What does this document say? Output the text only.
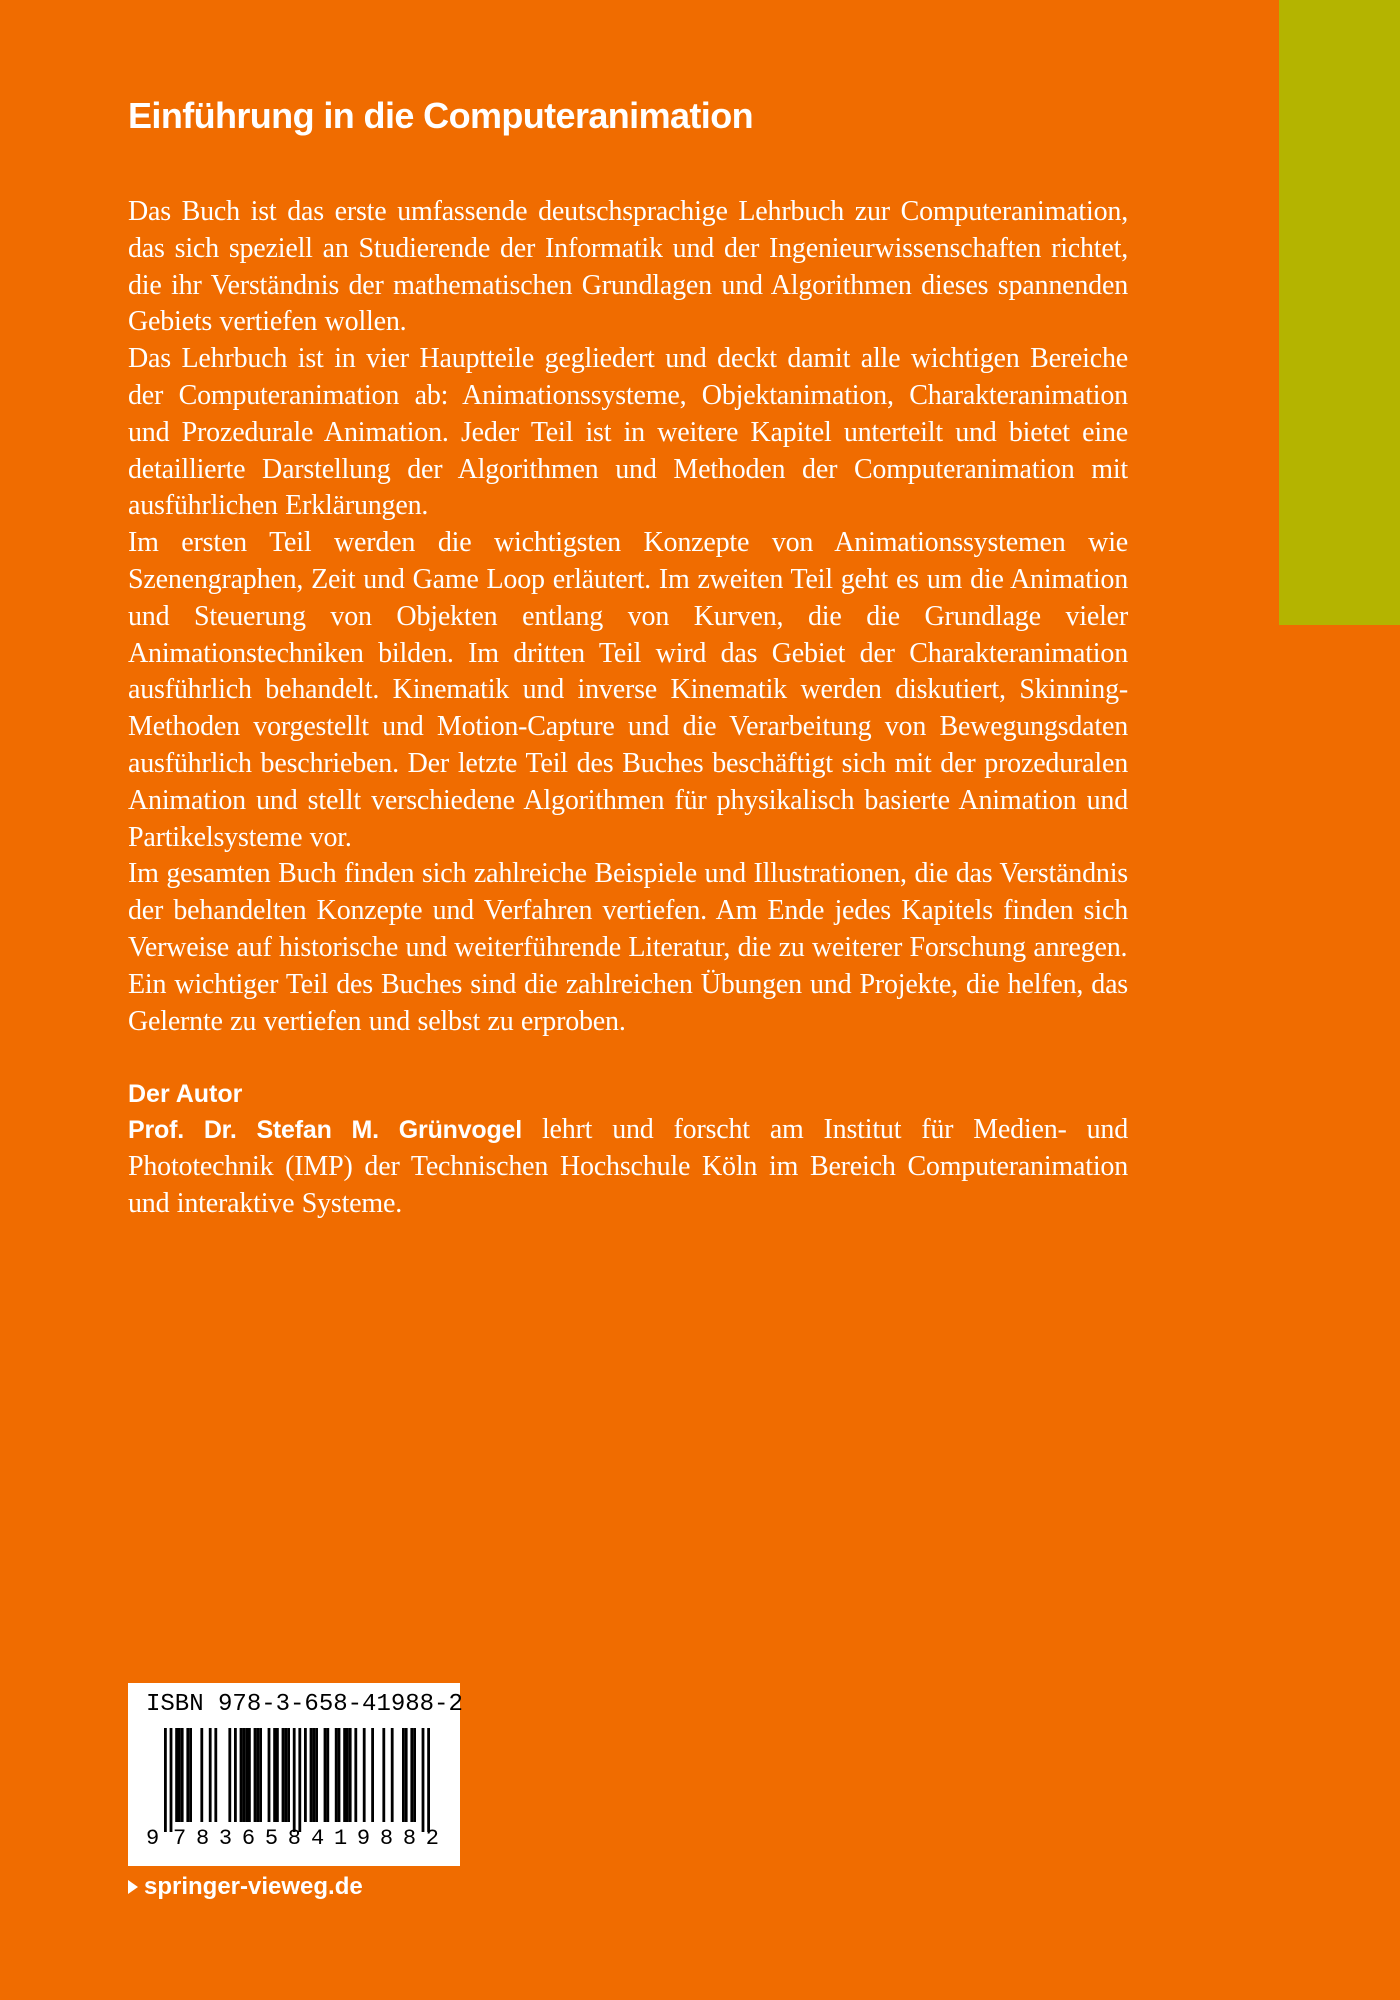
Einführung in die Computeranimation

Das Buch ist das erste umfassende deutschsprachige Lehrbuch zur Computeranimation, das sich speziell an Studierende der Informatik und der Ingenieurwissenschaften richtet, die ihr Verständnis der mathematischen Grundlagen und Algorithmen dieses spannenden Gebiets vertiefen wollen.

Das Lehrbuch ist in vier Hauptteile gegliedert und deckt damit alle wichtigen Bereiche der Computeranimation ab: Animationssysteme, Objektanimation, Charakteranimation und Prozedurale Animation. Jeder Teil ist in weitere Kapitel unterteilt und bietet eine detaillierte Darstellung der Algorithmen und Methoden der Computeranimation mit ausführlichen Erklärungen.

Im ersten Teil werden die wichtigsten Konzepte von Animationssystemen wie Szenengraphen, Zeit und Game Loop erläutert. Im zweiten Teil geht es um die Animation und Steuerung von Objekten entlang von Kurven, die die Grundlage vieler Animationstechniken bilden. Im dritten Teil wird das Gebiet der Charakteranimation ausführlich behandelt. Kinematik und inverse Kinematik werden diskutiert, Skinning-Methoden vorgestellt und Motion-Capture und die Verarbeitung von Bewegungsdaten ausführlich beschrieben. Der letzte Teil des Buches beschäftigt sich mit der prozeduralen Animation und stellt verschiedene Algorithmen für physikalisch basierte Animation und Partikelsysteme vor.

Im gesamten Buch finden sich zahlreiche Beispiele und Illustrationen, die das Verständnis der behandelten Konzepte und Verfahren vertiefen. Am Ende jedes Kapitels finden sich Verweise auf historische und weiterführende Literatur, die zu weiterer Forschung anregen.

Ein wichtiger Teil des Buches sind die zahlreichen Übungen und Projekte, die helfen, das Gelernte zu vertiefen und selbst zu erproben.

Der Autor

Prof. Dr. Stefan M. Grünvogel lehrt und forscht am Institut für Medien- und Phototechnik (IMP) der Technischen Hochschule Köln im Bereich Computeranimation und interaktive Systeme.

ISBN 978-3-658-41988-2
9 783658 419882
springer-vieweg.de
